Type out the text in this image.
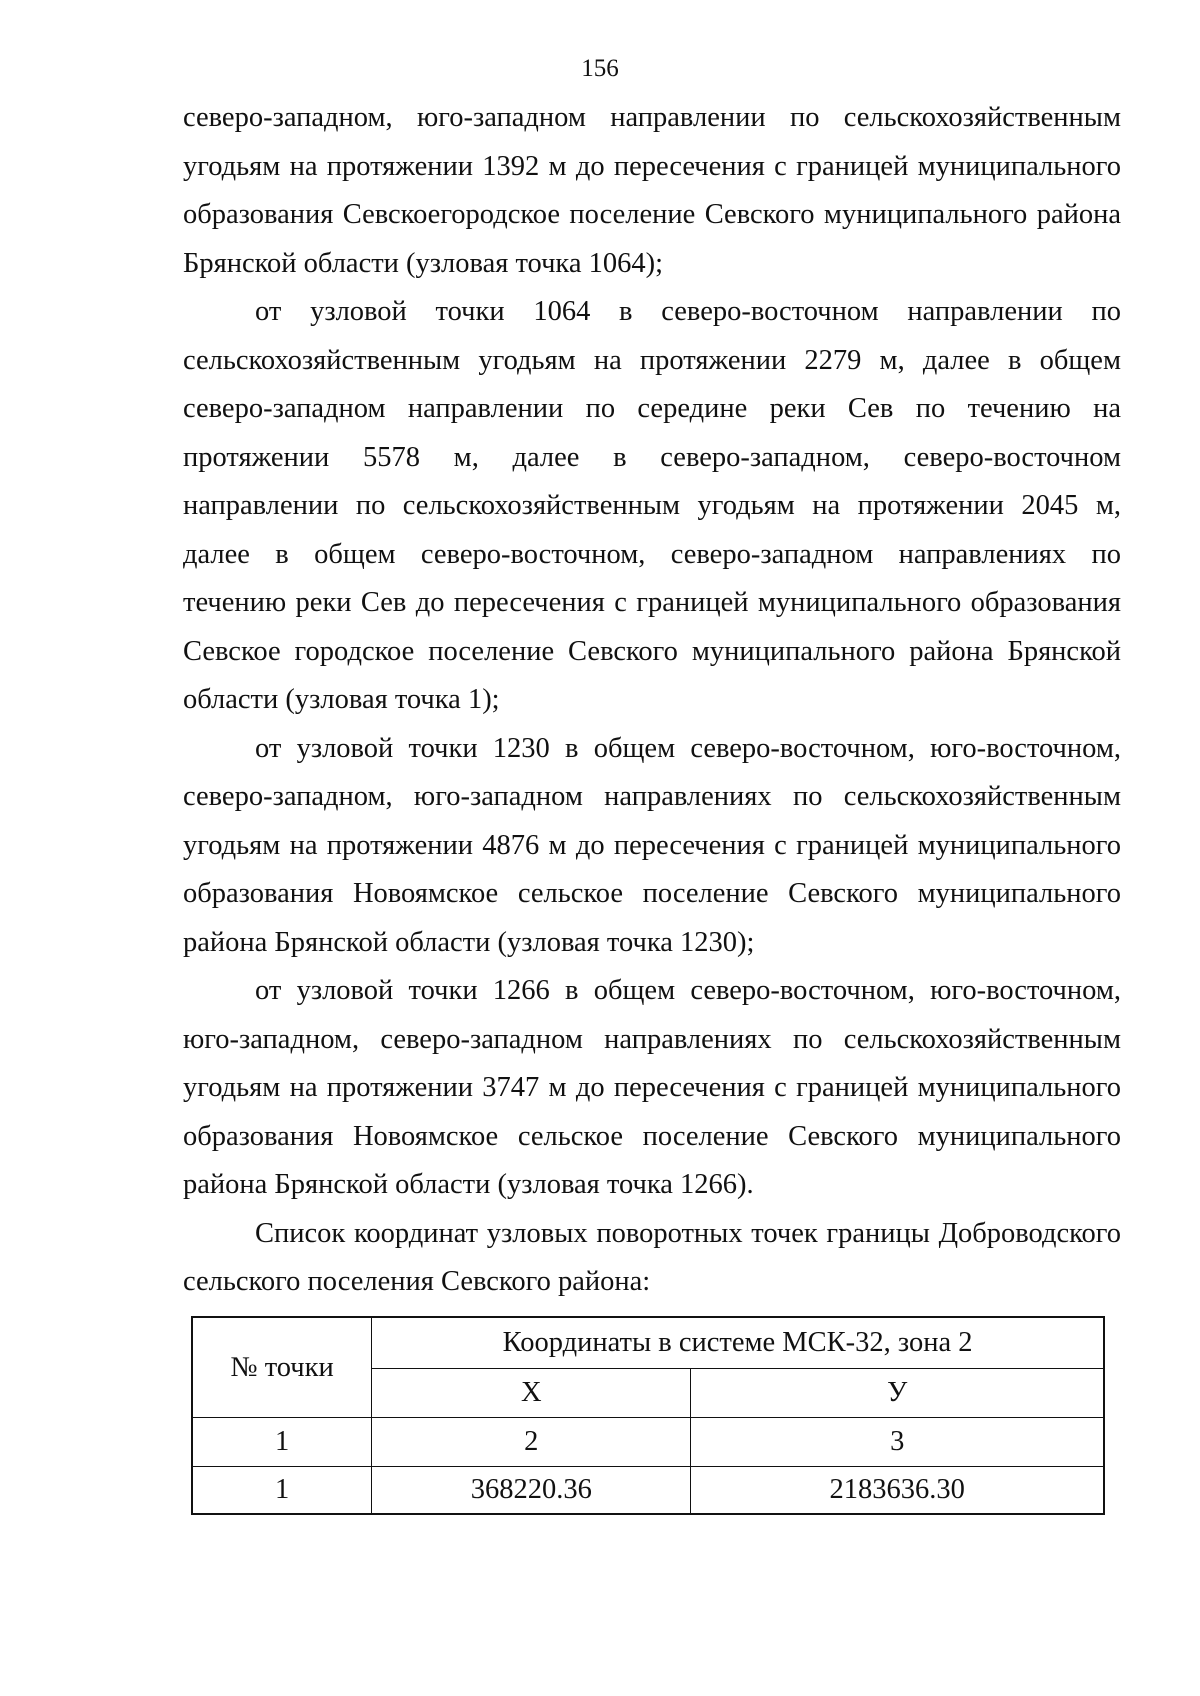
156

северо-западном, юго-западном направлении по сельскохозяйственным угодьям на протяжении 1392 м до пересечения с границей муниципального образования Севскоегородское поселение Севского муниципального района Брянской области (узловая точка 1064);

от узловой точки 1064 в северо-восточном направлении по сельскохозяйственным угодьям на протяжении 2279 м, далее в общем северо-западном направлении по середине реки Сев по течению на протяжении 5578 м, далее в северо-западном, северо-восточном направлении по сельскохозяйственным угодьям на протяжении 2045 м, далее в общем северо-восточном, северо-западном направлениях по течению реки Сев до пересечения с границей муниципального образования Севское городское поселение Севского муниципального района Брянской области (узловая точка 1);

от узловой точки 1230 в общем северо-восточном, юго-восточном, северо-западном, юго-западном направлениях по сельскохозяйственным угодьям на протяжении 4876 м до пересечения с границей муниципального образования Новоямское сельское поселение Севского муниципального района Брянской области (узловая точка 1230);

от узловой точки 1266 в общем северо-восточном, юго-восточном, юго-западном, северо-западном направлениях по сельскохозяйственным угодьям на протяжении 3747 м до пересечения с границей муниципального образования Новоямское сельское поселение Севского муниципального района Брянской области (узловая точка 1266).

Список координат узловых поворотных точек границы Доброводского сельского поселения Севского района:

№ точки	Координаты в системе МСК-32, зона 2	
	Х	У
1	2	3
1	368220.36	2183636.30
